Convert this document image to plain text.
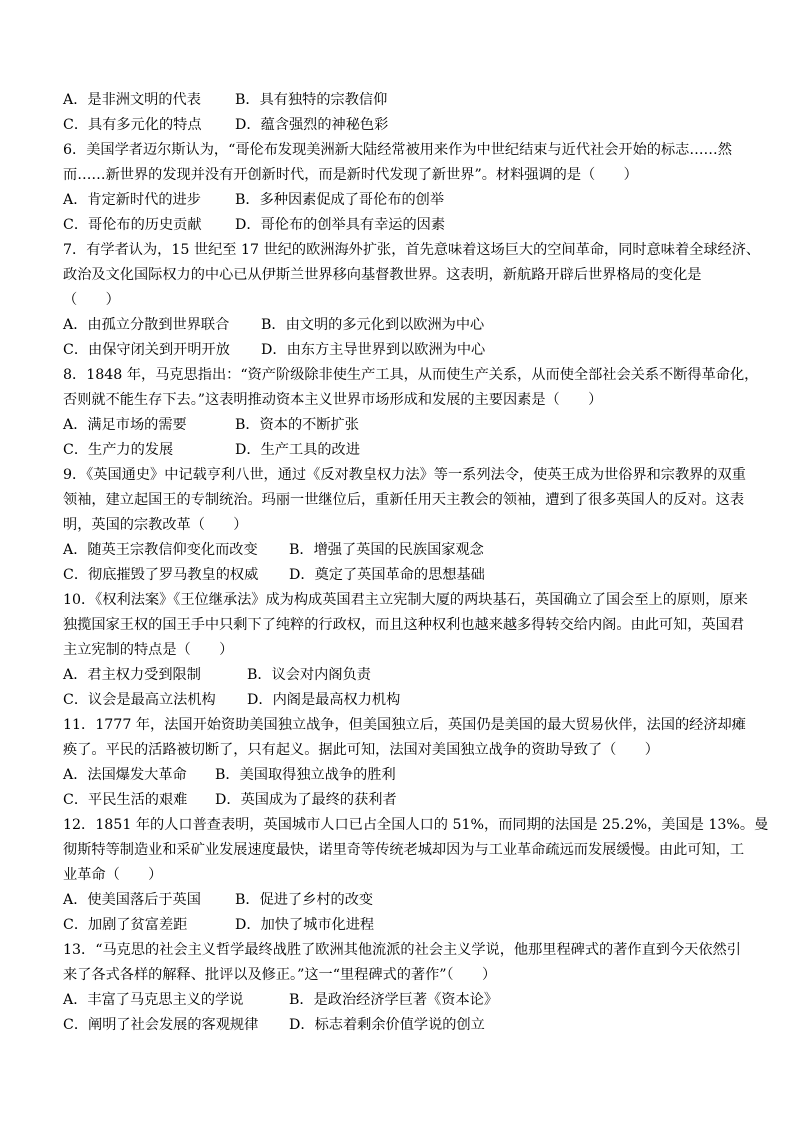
A．是非洲文明的代表 B．具有独特的宗教信仰
C．具有多元化的特点 D．蕴含强烈的神秘色彩
6．美国学者迈尔斯认为，“哥伦布发现美洲新大陆经常被用来作为中世纪结束与近代社会开始的标志……然
而……新世界的发现并没有开创新时代，而是新时代发现了新世界”。材料强调的是（　　）
A．肯定新时代的进步 B．多种因素促成了哥伦布的创举
C．哥伦布的历史贡献 D．哥伦布的创举具有幸运的因素
7．有学者认为，15 世纪至 17 世纪的欧洲海外扩张，首先意味着这场巨大的空间革命，同时意味着全球经济、
政治及文化国际权力的中心已从伊斯兰世界移向基督教世界。这表明，新航路开辟后世界格局的变化是
（　　）
A．由孤立分散到世界联合 B．由文明的多元化到以欧洲为中心
C．由保守闭关到开明开放 D．由东方主导世界到以欧洲为中心
8．1848 年，马克思指出：“资产阶级除非使生产工具，从而使生产关系，从而使全部社会关系不断得革命化，
否则就不能生存下去。”这表明推动资本主义世界市场形成和发展的主要因素是（　　）
A．满足市场的需要	B．资本的不断扩张
C．生产力的发展	D．生产工具的改进
9．《英国通史》中记载亨利八世，通过《反对教皇权力法》等一系列法令，使英王成为世俗界和宗教界的双重
领袖，建立起国王的专制统治。玛丽一世继位后，重新任用天主教会的领袖，遭到了很多英国人的反对。这表
明，英国的宗教改革（　　）
A．随英王宗教信仰变化而改变 B．增强了英国的民族国家观念
C．彻底摧毁了罗马教皇的权威 D．奠定了英国革命的思想基础
10．《权利法案》《王位继承法》成为构成英国君主立宪制大厦的两块基石，英国确立了国会至上的原则，原来
独揽国家王权的国王手中只剩下了纯粹的行政权，而且这种权利也越来越多得转交给内阁。由此可知，英国君
主立宪制的特点是（　　）
A．君主权力受到限制	B．议会对内阁负责
C．议会是最高立法机构 D．内阁是最高权力机构
11．1777 年，法国开始资助美国独立战争，但美国独立后，英国仍是美国的最大贸易伙伴，法国的经济却瘫
痪了。平民的活路被切断了，只有起义。据此可知，法国对美国独立战争的资助导致了（　　）
A．法国爆发大革命 B．美国取得独立战争的胜利
C．平民生活的艰难 D．英国成为了最终的获利者
12．1851 年的人口普查表明，英国城市人口已占全国人口的 51%，而同期的法国是 25.2%，美国是 13%。曼
彻斯特等制造业和采矿业发展速度最快，诺里奇等传统老城却因为与工业革命疏远而发展缓慢。由此可知，工
业革命（　　）
A．使美国落后于英国 B．促进了乡村的改变
C．加剧了贫富差距	D．加快了城市化进程
13．“马克思的社会主义哲学最终战胜了欧洲其他流派的社会主义学说，他那里程碑式的著作直到今天依然引
来了各式各样的解释、批评以及修正。”这一“里程碑式的著作”（　　）
A．丰富了马克思主义的学说	B．是政治经济学巨著《资本论》
C．阐明了社会发展的客观规律 D．标志着剩余价值学说的创立
